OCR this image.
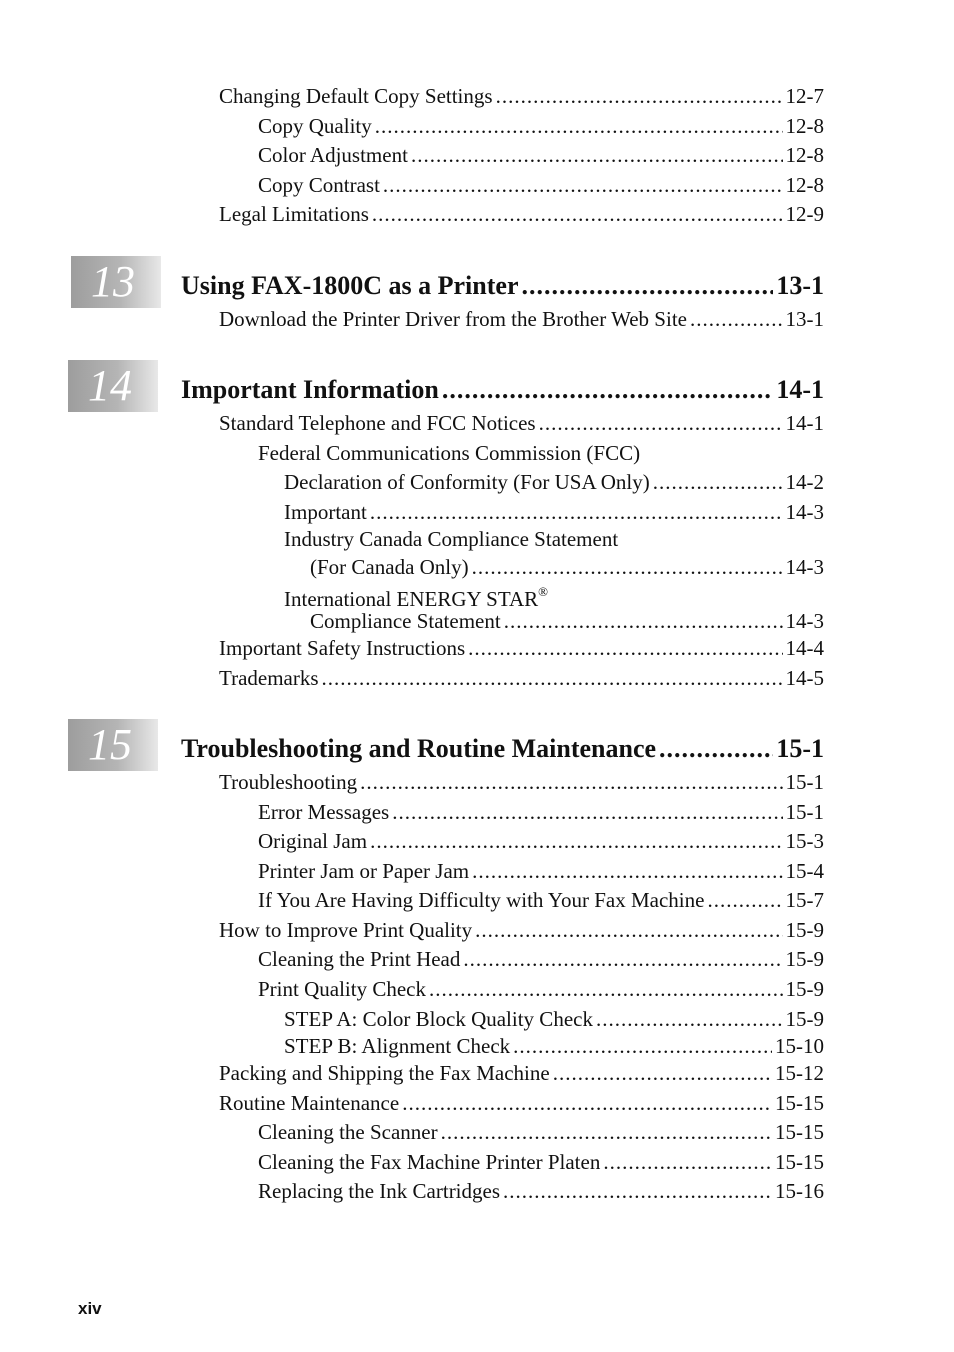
Changing Default Copy Settings .....	12-7
Copy Quality .....	12-8
Color Adjustment .....	12-8
Copy Contrast .....	12-8
Legal Limitations .....	12-9
13	Using FAX-1800C as a Printer .....	13-1
Download the Printer Driver from the Brother Web Site .....	13-1
14	Important Information .....	14-1
Standard Telephone and FCC Notices .....	14-1
Federal Communications Commission (FCC)
Declaration of Conformity (For USA Only) .....	14-2
Important .....	14-3
Industry Canada Compliance Statement
(For Canada Only) .....	14-3
International ENERGY STAR®
Compliance Statement .....	14-3
Important Safety Instructions .....	14-4
Trademarks .....	14-5
15	Troubleshooting and Routine Maintenance .....	15-1
Troubleshooting .....	15-1
Error Messages .....	15-1
Original Jam .....	15-3
Printer Jam or Paper Jam .....	15-4
If You Are Having Difficulty with Your Fax Machine .....	15-7
How to Improve Print Quality .....	15-9
Cleaning the Print Head .....	15-9
Print Quality Check .....	15-9
STEP A: Color Block Quality Check .....	15-9
STEP B: Alignment Check .....	15-10
Packing and Shipping the Fax Machine .....	15-12
Routine Maintenance .....	15-15
Cleaning the Scanner .....	15-15
Cleaning the Fax Machine Printer Platen .....	15-15
Replacing the Ink Cartridges .....	15-16
xiv
